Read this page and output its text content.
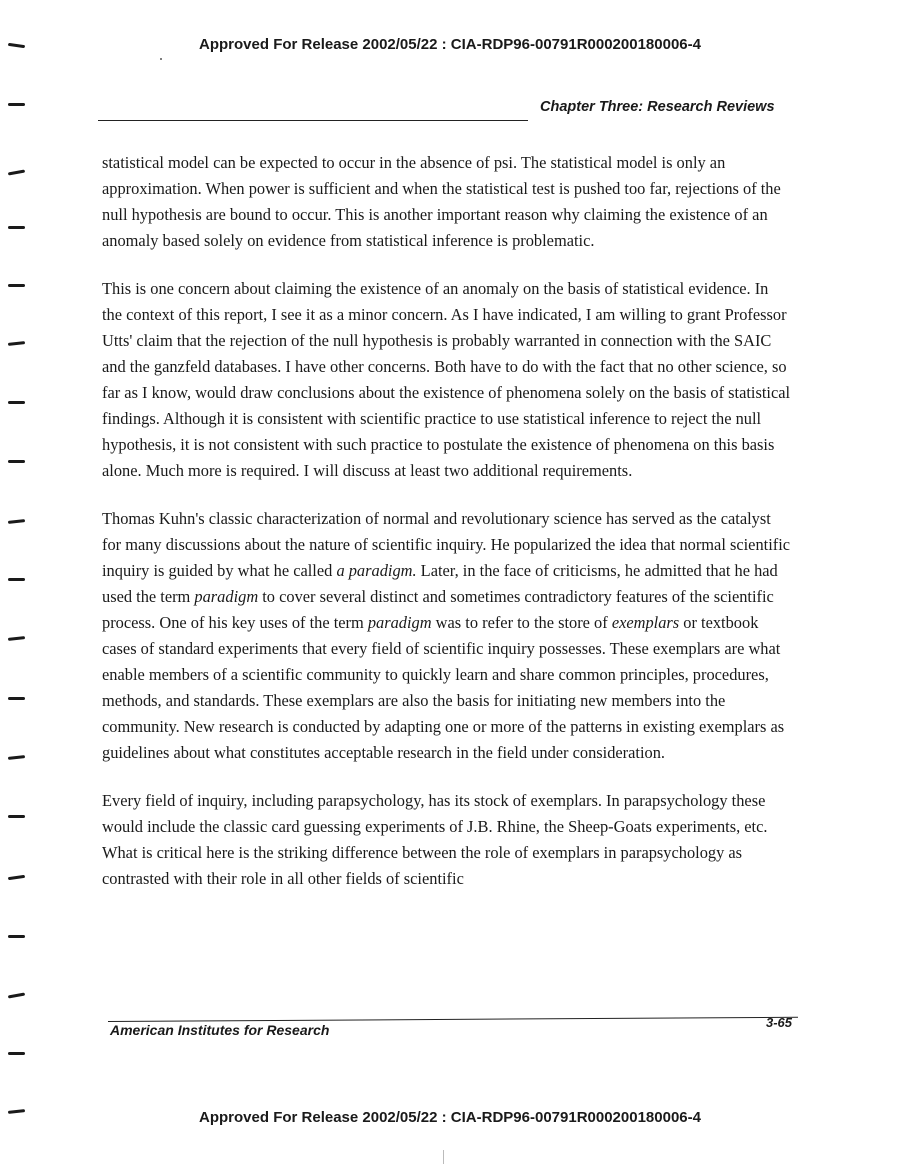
Approved For Release 2002/05/22 : CIA-RDP96-00791R000200180006-4
Chapter Three: Research Reviews

statistical model can be expected to occur in the absence of psi. The statistical model is only an approximation. When power is sufficient and when the statistical test is pushed too far, rejections of the null hypothesis are bound to occur. This is another important reason why claiming the existence of an anomaly based solely on evidence from statistical inference is problematic.

This is one concern about claiming the existence of an anomaly on the basis of statistical evidence. In the context of this report, I see it as a minor concern. As I have indicated, I am willing to grant Professor Utts' claim that the rejection of the null hypothesis is probably warranted in connection with the SAIC and the ganzfeld databases. I have other concerns. Both have to do with the fact that no other science, so far as I know, would draw conclusions about the existence of phenomena solely on the basis of statistical findings. Although it is consistent with scientific practice to use statistical inference to reject the null hypothesis, it is not consistent with such practice to postulate the existence of phenomena on this basis alone. Much more is required. I will discuss at least two additional requirements.

Thomas Kuhn's classic characterization of normal and revolutionary science has served as the catalyst for many discussions about the nature of scientific inquiry. He popularized the idea that normal scientific inquiry is guided by what he called a paradigm. Later, in the face of criticisms, he admitted that he had used the term paradigm to cover several distinct and sometimes contradictory features of the scientific process. One of his key uses of the term paradigm was to refer to the store of exemplars or textbook cases of standard experiments that every field of scientific inquiry possesses. These exemplars are what enable members of a scientific community to quickly learn and share common principles, procedures, methods, and standards. These exemplars are also the basis for initiating new members into the community. New research is conducted by adapting one or more of the patterns in existing exemplars as guidelines about what constitutes acceptable research in the field under consideration.

Every field of inquiry, including parapsychology, has its stock of exemplars. In parapsychology these would include the classic card guessing experiments of J.B. Rhine, the Sheep-Goats experiments, etc. What is critical here is the striking difference between the role of exemplars in parapsychology as contrasted with their role in all other fields of scientific

American Institutes for Research	3-65
Approved For Release 2002/05/22 : CIA-RDP96-00791R000200180006-4
